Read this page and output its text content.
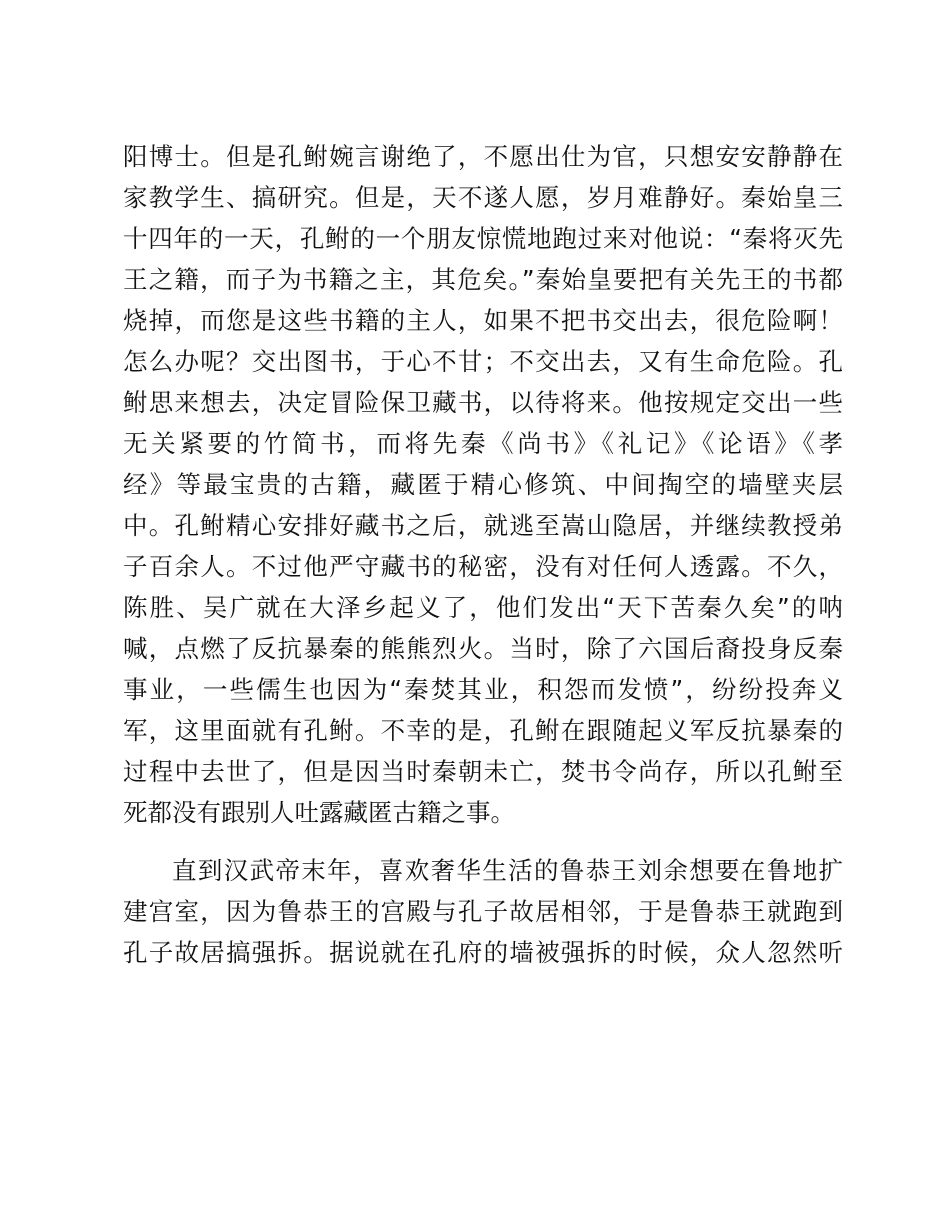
阳博士。但是孔鲋婉言谢绝了，不愿出仕为官，只想安安静静在

家教学生、搞研究。但是，天不遂人愿，岁月难静好。秦始皇三

十四年的一天，孔鲋的一个朋友惊慌地跑过来对他说：“秦将灭先

王之籍，而子为书籍之主，其危矣。”秦始皇要把有关先王的书都

烧掉，而您是这些书籍的主人，如果不把书交出去，很危险啊！

怎么办呢？交出图书，于心不甘；不交出去，又有生命危险。孔

鲋思来想去，决定冒险保卫藏书，以待将来。他按规定交出一些

无关紧要的竹简书，而将先秦《尚书》《礼记》《论语》《孝

经》等最宝贵的古籍，藏匿于精心修筑、中间掏空的墙壁夹层

中。孔鲋精心安排好藏书之后，就逃至嵩山隐居，并继续教授弟

子百余人。不过他严守藏书的秘密，没有对任何人透露。不久，

陈胜、吴广就在大泽乡起义了，他们发出“天下苦秦久矣”的呐

喊，点燃了反抗暴秦的熊熊烈火。当时，除了六国后裔投身反秦

事业，一些儒生也因为“秦焚其业，积怨而发愤”，纷纷投奔义

军，这里面就有孔鲋。不幸的是，孔鲋在跟随起义军反抗暴秦的

过程中去世了，但是因当时秦朝未亡，焚书令尚存，所以孔鲋至

死都没有跟别人吐露藏匿古籍之事。

直到汉武帝末年，喜欢奢华生活的鲁恭王刘余想要在鲁地扩

建宫室，因为鲁恭王的宫殿与孔子故居相邻，于是鲁恭王就跑到

孔子故居搞强拆。据说就在孔府的墙被强拆的时候，众人忽然听
